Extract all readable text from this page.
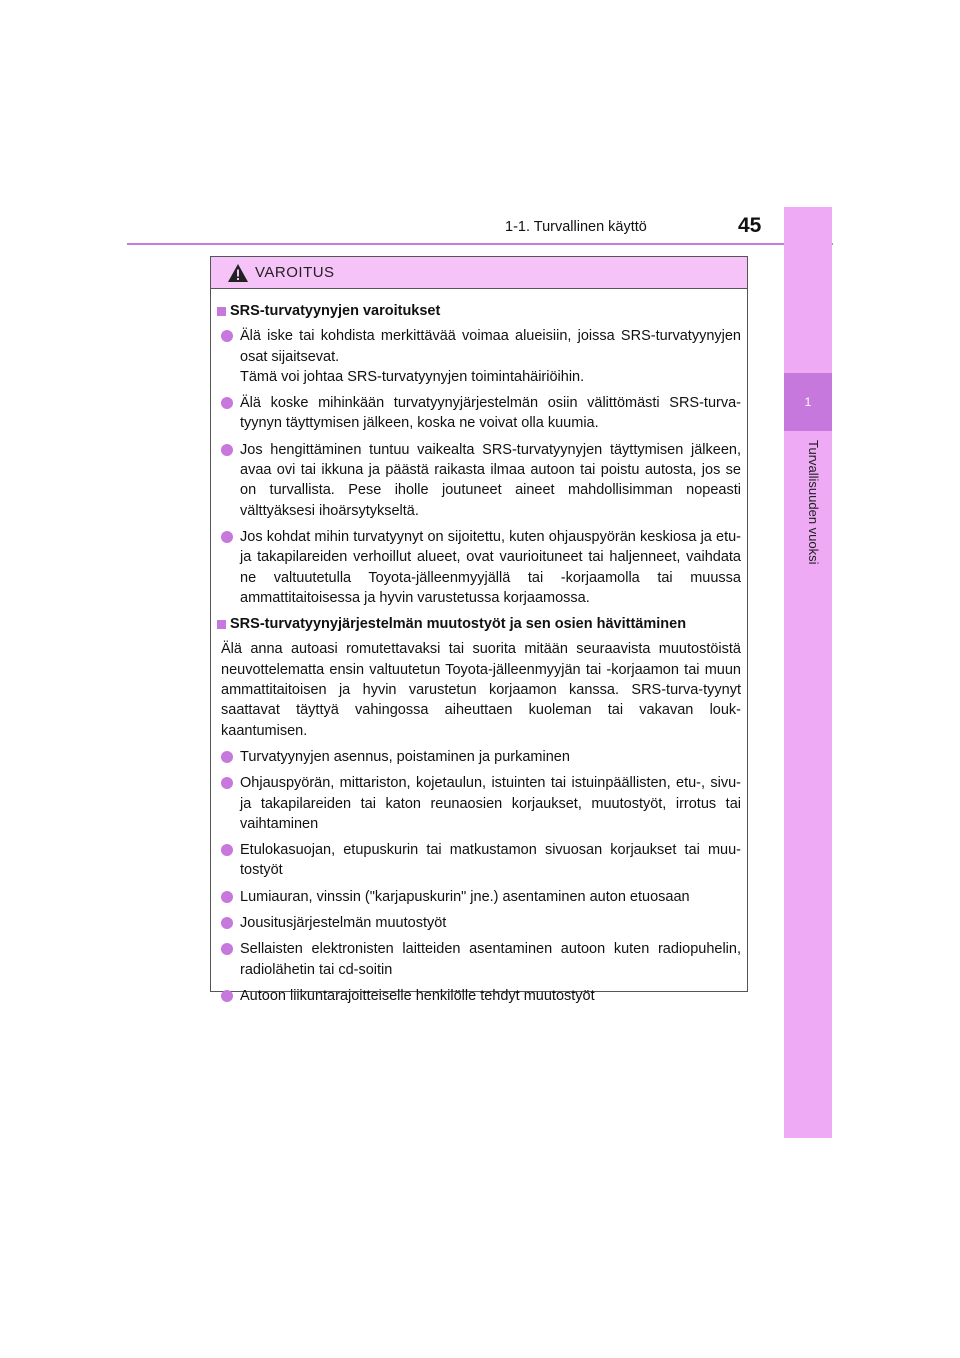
1-1. Turvallinen käyttö	45
1
Turvallisuuden vuoksi
VAROITUS
SRS-turvatyynyjen varoitukset
Älä iske tai kohdista merkittävää voimaa alueisiin, joissa SRS-turvatyynyjen osat sijaitsevat.
Tämä voi johtaa SRS-turvatyynyjen toimintahäiriöihin.
Älä koske mihinkään turvatyynyjärjestelmän osiin välittömästi SRS-turva-tyynyn täyttymisen jälkeen, koska ne voivat olla kuumia.
Jos hengittäminen tuntuu vaikealta SRS-turvatyynyjen täyttymisen jälkeen, avaa ovi tai ikkuna ja päästä raikasta ilmaa autoon tai poistu autosta, jos se on turvallista. Pese iholle joutuneet aineet mahdollisimman nopeasti välttyäksesi ihoärsytykseltä.
Jos kohdat mihin turvatyynyt on sijoitettu, kuten ohjauspyörän keskiosa ja etu- ja takapilareiden verhoillut alueet, ovat vaurioituneet tai haljenneet, vaihdata ne valtuutetulla Toyota-jälleenmyyjällä tai -korjaamolla tai muussa ammattitaitoisessa ja hyvin varustetussa korjaamossa.
SRS-turvatyynyjärjestelmän muutostyöt ja sen osien hävittäminen
Älä anna autoasi romutettavaksi tai suorita mitään seuraavista muutostöistä neuvottelematta ensin valtuutetun Toyota-jälleenmyyjän tai -korjaamon tai muun ammattitaitoisen ja hyvin varustetun korjaamon kanssa. SRS-turva-tyynyt saattavat täyttyä vahingossa aiheuttaen kuoleman tai vakavan louk-kaantumisen.
Turvatyynyjen asennus, poistaminen ja purkaminen
Ohjauspyörän, mittariston, kojetaulun, istuinten tai istuinpäällisten, etu-, sivu- ja takapilareiden tai katon reunaosien korjaukset, muutostyöt, irrotus tai vaihtaminen
Etulokasuojan, etupuskurin tai matkustamon sivuosan korjaukset tai muu-tostyöt
Lumiauran, vinssin ("karjapuskurin" jne.) asentaminen auton etuosaan
Jousitusjärjestelmän muutostyöt
Sellaisten elektronisten laitteiden asentaminen autoon kuten radiopuhelin, radiolähetin tai cd-soitin
Autoon liikuntarajoitteiselle henkilölle tehdyt muutostyöt
